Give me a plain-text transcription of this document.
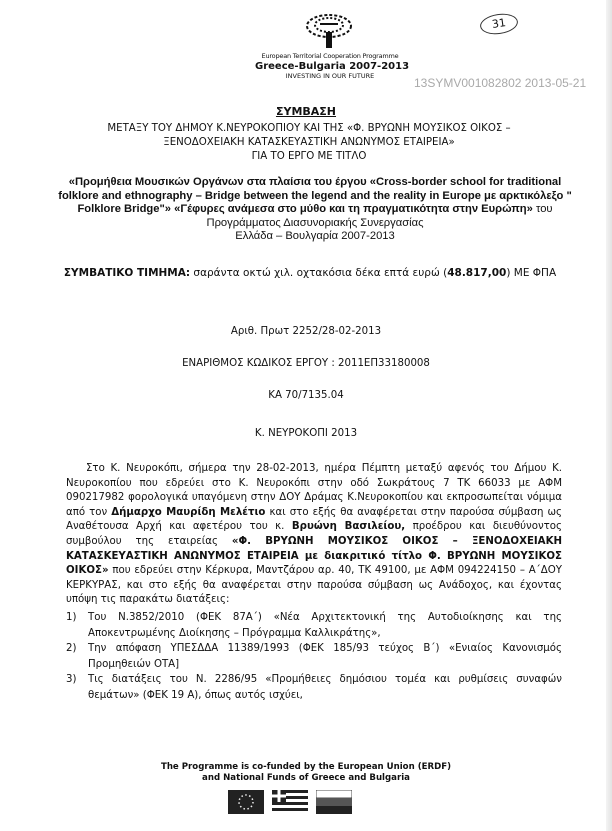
European Territorial Cooperation Programme
Greece-Bulgaria 2007-2013
INVESTING IN OUR FUTURE
31
13SYMV001082802 2013-05-21
ΣΥΜΒΑΣΗ
ΜΕΤΑΞΥ ΤΟΥ ΔΗΜΟΥ Κ.ΝΕΥΡΟΚΟΠΙΟΥ ΚΑΙ ΤΗΣ «Φ. ΒΡΥΩΝΗ ΜΟΥΣΙΚΟΣ ΟΙΚΟΣ –
ΞΕΝΟΔΟΧΕΙΑΚΗ ΚΑΤΑΣΚΕΥΑΣΤΙΚΗ ΑΝΩΝΥΜΟΣ ΕΤΑΙΡΕΙΑ»
ΓΙΑ ΤΟ ΕΡΓΟ ΜΕ ΤΙΤΛΟ
«Προμήθεια Μουσικών Οργάνων στα πλαίσια του έργου «Cross-border school for traditional folklore and ethnography – Bridge between the legend and the reality in Europe με αρκτικόλεξο " Folklore Bridge"» «Γέφυρες ανάμεσα στο μύθο και τη πραγματικότητα στην Ευρώπη» του Προγράμματος Διασυνοριακής Συνεργασίας
Ελλάδα – Βουλγαρία 2007-2013
ΣΥΜΒΑΤΙΚΟ ΤΙΜΗΜΑ: σαράντα οκτώ χιλ. οχτακόσια δέκα επτά ευρώ (48.817,00) ΜΕ ΦΠΑ
Αριθ. Πρωτ 2252/28-02-2013
ΕΝΑΡΙΘΜΟΣ ΚΩΔΙΚΟΣ ΕΡΓΟΥ : 2011ΕΠ33180008
ΚΑ 70/7135.04
Κ. ΝΕΥΡΟΚΟΠΙ 2013

Στο Κ. Νευροκόπι, σήμερα την 28-02-2013, ημέρα Πέμπτη μεταξύ αφενός του Δήμου Κ. Νευροκοπίου που εδρεύει στο Κ. Νευροκόπι στην οδό Σωκράτους 7 ΤΚ 66033 με ΑΦΜ 090217982 φορολογικά υπαγόμενη στην ΔΟΥ Δράμας Κ.Νευροκοπίου και εκπροσωπείται νόμιμα από τον Δήμαρχο Μαυρίδη Μελέτιο και στο εξής θα αναφέρεται στην παρούσα σύμβαση ως Αναθέτουσα Αρχή και αφετέρου του κ. Βρυώνη Βασιλείου, προέδρου και διευθύνοντος συμβούλου της εταιρείας «Φ. ΒΡΥΩΝΗ ΜΟΥΣΙΚΟΣ ΟΙΚΟΣ – ΞΕΝΟΔΟΧΕΙΑΚΗ ΚΑΤΑΣΚΕΥΑΣΤΙΚΗ ΑΝΩΝΥΜΟΣ ΕΤΑΙΡΕΙΑ με διακριτικό τίτλο Φ. ΒΡΥΩΝΗ ΜΟΥΣΙΚΟΣ ΟΙΚΟΣ» που εδρεύει στην Κέρκυρα, Μαντζάρου αρ. 40, ΤΚ 49100, με ΑΦΜ 094224150 – Α΄ΔΟΥ ΚΕΡΚΥΡΑΣ, και στο εξής θα αναφέρεται στην παρούσα σύμβαση ως Ανάδοχος, και έχοντας υπόψη τις παρακάτω διατάξεις:

1)	Του Ν.3852/2010 (ΦΕΚ 87Α΄) «Νέα Αρχιτεκτονική της Αυτοδιοίκησης και της Αποκεντρωμένης Διοίκησης – Πρόγραμμα Καλλικράτης»,
2)	Την απόφαση ΥΠΕΣΔΔΑ 11389/1993 (ΦΕΚ 185/93 τεύχος Β΄) «Ενιαίος Κανονισμός Προμηθειών ΟΤΑ]
3)	Τις διατάξεις του Ν. 2286/95 «Προμήθειες δημόσιου τομέα και ρυθμίσεις συναφών θεμάτων» (ΦΕΚ 19 Α), όπως αυτός ισχύει,
The Programme is co-funded by the European Union (ERDF)
and National Funds of Greece and Bulgaria
